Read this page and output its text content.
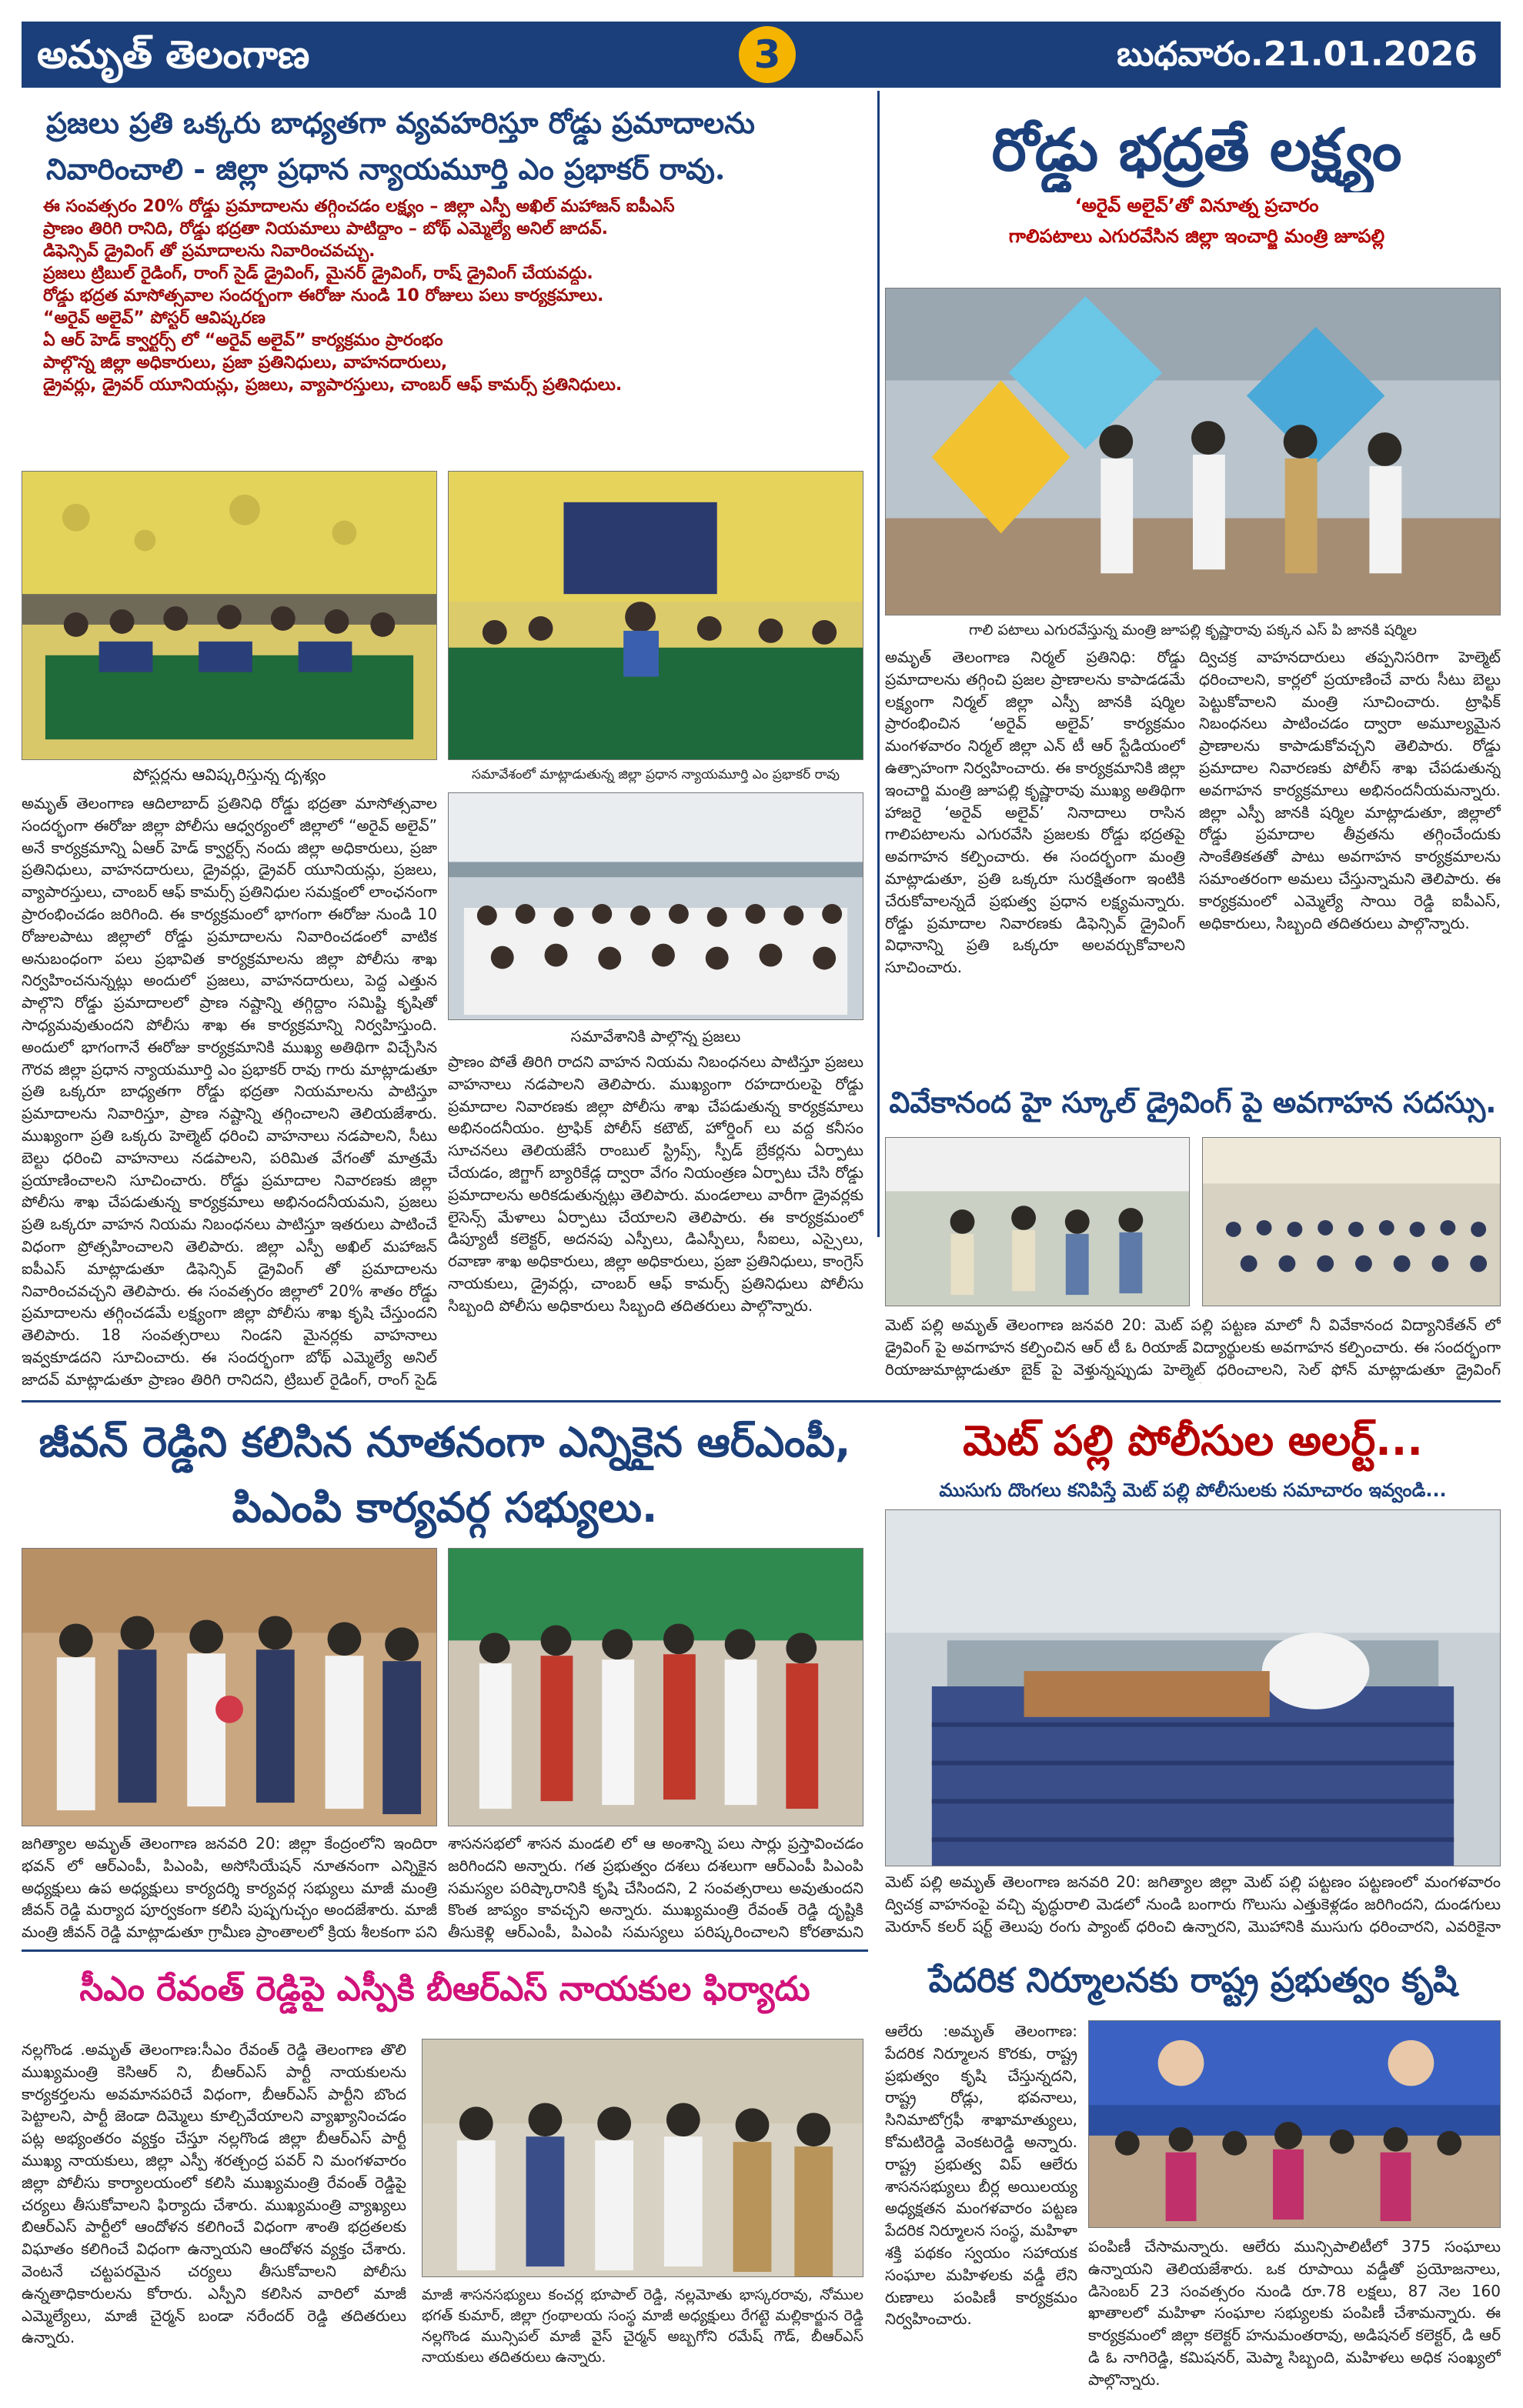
అమృత్ తెలంగాణ	3	బుధవారం.21.01.2026
ప్రజలు ప్రతి ఒక్కరు బాధ్యతగా వ్యవహరిస్తూ రోడ్డు ప్రమాదాలను నివారించాలి - జిల్లా ప్రధాన న్యాయమూర్తి ఎం ప్రభాకర్ రావు.
ఈ సంవత్సరం 20% రోడ్డు ప్రమాదాలను తగ్గించడం లక్ష్యం – జిల్లా ఎస్పీ అఖిల్ మహాజన్ ఐపీఎస్
ప్రాణం తిరిగి రానిది, రోడ్డు భద్రతా నియమాలు పాటిద్దాం – బోథ్ ఎమ్మెల్యే అనిల్ జాదవ్.
డిఫెన్సివ్ డ్రైవింగ్ తో ప్రమాదాలను నివారించవచ్చు.
ప్రజలు ట్రిబుల్ రైడింగ్, రాంగ్ సైడ్ డ్రైవింగ్, మైనర్ డ్రైవింగ్, రాష్ డ్రైవింగ్ చేయవద్దు.
రోడ్డు భద్రత మాసోత్సవాల సందర్భంగా ఈరోజు నుండి 10 రోజులు పలు కార్యక్రమాలు.
“అరైవ్ అలైవ్” పోస్టర్ ఆవిష్కరణ
ఏ ఆర్ హెడ్ క్వార్టర్స్ లో “అరైవ్ అలైవ్” కార్యక్రమం ప్రారంభం
పాల్గొన్న జిల్లా అధికారులు, ప్రజా ప్రతినిధులు, వాహనదారులు,
డ్రైవర్లు, డ్రైవర్ యూనియన్లు, ప్రజలు, వ్యాపారస్తులు, చాంబర్ ఆఫ్ కామర్స్ ప్రతినిధులు.
పోస్టర్లను ఆవిష్కరిస్తున్న దృశ్యం	సమావేశంలో మాట్లాడుతున్న జిల్లా ప్రధాన న్యాయమూర్తి ఎం ప్రభాకర్ రావు
అమృత్ తెలంగాణ ఆదిలాబాద్ ప్రతినిధి రోడ్డు భద్రతా మాసోత్సవాల సందర్భంగా ఈరోజు జిల్లా పోలీసు ఆధ్వర్యంలో జిల్లాలో “అరైవ్ అలైవ్” అనే కార్యక్రమాన్ని ఏఆర్ హెడ్ క్వార్టర్స్ నందు జిల్లా అధికారులు, ప్రజా ప్రతినిధులు, వాహనదారులు, డ్రైవర్లు, డ్రైవర్ యూనియన్లు, ప్రజలు, వ్యాపారస్తులు, చాంబర్ ఆఫ్ కామర్స్ ప్రతినిధుల సమక్షంలో లాంఛనంగా ప్రారంభించడం జరిగింది. ఈ కార్యక్రమంలో భాగంగా ఈరోజు నుండి 10 రోజులపాటు జిల్లాలో రోడ్డు ప్రమాదాలను నివారించడంలో వాటిక అనుబంధంగా పలు ప్రభావిత కార్యక్రమాలను జిల్లా పోలీసు శాఖ నిర్వహించనున్నట్లు అందులో ప్రజలు, వాహనదారులు, పెద్ద ఎత్తున పాల్గొని రోడ్డు ప్రమాదాలలో ప్రాణ నష్టాన్ని తగ్గిద్దాం సమిష్టి కృషితో సాధ్యమవుతుందని పోలీసు శాఖ ఈ కార్యక్రమాన్ని నిర్వహిస్తుంది. అందులో భాగంగానే ఈరోజు కార్యక్రమానికి ముఖ్య అతిథిగా విచ్చేసిన గౌరవ జిల్లా ప్రధాన న్యాయమూర్తి ఎం ప్రభాకర్ రావు గారు మాట్లాడుతూ ప్రతి ఒక్కరూ బాధ్యతగా రోడ్డు భద్రతా నియమాలను పాటిస్తూ ప్రమాదాలను నివారిస్తూ, ప్రాణ నష్టాన్ని తగ్గించాలని తెలియజేశారు. ముఖ్యంగా ప్రతి ఒక్కరు హెల్మెట్ ధరించి వాహనాలు నడపాలని, సీటు బెల్టు ధరించి వాహనాలు నడపాలని, పరిమిత వేగంతో మాత్రమే ప్రయాణించాలని సూచించారు. రోడ్డు ప్రమాదాల నివారణకు జిల్లా పోలీసు శాఖ చేపడుతున్న కార్యక్రమాలు అభినందనీయమని, ప్రజలు ప్రతి ఒక్కరూ వాహన నియమ నిబంధనలు పాటిస్తూ ఇతరులు పాటించే విధంగా ప్రోత్సహించాలని తెలిపారు. జిల్లా ఎస్పీ అఖిల్ మహాజన్ ఐపీఎస్ మాట్లాడుతూ డిఫెన్సివ్ డ్రైవింగ్ తో ప్రమాదాలను నివారించవచ్చని తెలిపారు. ఈ సంవత్సరం జిల్లాలో 20% శాతం రోడ్డు ప్రమాదాలను తగ్గించడమే లక్ష్యంగా జిల్లా పోలీసు శాఖ కృషి చేస్తుందని తెలిపారు. 18 సంవత్సరాలు నిండని మైనర్లకు వాహనాలు ఇవ్వకూడదని సూచించారు. ఈ సందర్భంగా బోథ్ ఎమ్మెల్యే అనిల్ జాదవ్ మాట్లాడుతూ ప్రాణం తిరిగి రానిదని, ట్రిబుల్ రైడింగ్, రాంగ్ సైడ్
సమావేశానికి పాల్గొన్న ప్రజలు
ప్రాణం పోతే తిరిగి రాదని వాహన నియమ నిబంధనలు పాటిస్తూ ప్రజలు వాహనాలు నడపాలని తెలిపారు. ముఖ్యంగా రహదారులపై రోడ్డు ప్రమాదాల నివారణకు జిల్లా పోలీసు శాఖ చేపడుతున్న కార్యక్రమాలు అభినందనీయం. ట్రాఫిక్ పోలీస్ కటౌట్, హోర్డింగ్ లు వద్ద కనీసం సూచనలు తెలియజేసే రాంబుల్ స్ట్రిప్స్, స్పీడ్ బ్రేకర్లను ఏర్పాటు చేయడం, జిగ్జాగ్ బ్యారికేడ్ల ద్వారా వేగం నియంత్రణ ఏర్పాటు చేసి రోడ్డు ప్రమాదాలను అరికడుతున్నట్లు తెలిపారు. మండలాలు వారీగా డ్రైవర్లకు లైసెన్స్ మేళాలు ఏర్పాటు చేయాలని తెలిపారు. ఈ కార్యక్రమంలో డిప్యూటీ కలెక్టర్, అదనపు ఎస్పీలు, డిఎస్పీలు, సీఐలు, ఎస్సైలు, రవాణా శాఖ అధికారులు, జిల్లా అధికారులు, ప్రజా ప్రతినిధులు, కాంగ్రెస్ నాయకులు, డ్రైవర్లు, చాంబర్ ఆఫ్ కామర్స్ ప్రతినిధులు పోలీసు సిబ్బంది పోలీసు అధికారులు సిబ్బంది తదితరులు పాల్గొన్నారు.
రోడ్డు భద్రతే లక్ష్యం
‘అరైవ్ అలైవ్’తో వినూత్న ప్రచారం
గాలిపటాలు ఎగురవేసిన జిల్లా ఇంచార్జి మంత్రి జూపల్లి
గాలి పటాలు ఎగురవేస్తున్న మంత్రి జూపల్లి కృష్ణారావు పక్కన ఎస్ పి జానకి షర్మిల
అమృత్ తెలంగాణ నిర్మల్ ప్రతినిధి: రోడ్డు ప్రమాదాలను తగ్గించి ప్రజల ప్రాణాలను కాపాడడమే లక్ష్యంగా నిర్మల్ జిల్లా ఎస్పీ జానకి షర్మిల ప్రారంభించిన ‘అరైవ్ అలైవ్’ కార్యక్రమం మంగళవారం నిర్మల్ జిల్లా ఎన్ టీ ఆర్ స్టేడియంలో ఉత్సాహంగా నిర్వహించారు. ఈ కార్యక్రమానికి జిల్లా ఇంచార్జి మంత్రి జూపల్లి కృష్ణారావు ముఖ్య అతిథిగా హాజరై ‘అరైవ్ అలైవ్’ నినాదాలు రాసిన గాలిపటాలను ఎగురవేసి ప్రజలకు రోడ్డు భద్రతపై అవగాహన కల్పించారు. ఈ సందర్భంగా మంత్రి మాట్లాడుతూ, ప్రతి ఒక్కరూ సురక్షితంగా ఇంటికి చేరుకోవాలన్నదే ప్రభుత్వ ప్రధాన లక్ష్యమన్నారు. రోడ్డు ప్రమాదాల నివారణకు డిఫెన్సివ్ డ్రైవింగ్ విధానాన్ని ప్రతి ఒక్కరూ అలవర్చుకోవాలని సూచించారు.
ద్విచక్ర వాహనదారులు తప్పనిసరిగా హెల్మెట్ ధరించాలని, కార్లలో ప్రయాణించే వారు సీటు బెల్టు పెట్టుకోవాలని మంత్రి సూచించారు. ట్రాఫిక్ నిబంధనలు పాటించడం ద్వారా అమూల్యమైన ప్రాణాలను కాపాడుకోవచ్చని తెలిపారు. రోడ్డు ప్రమాదాల నివారణకు పోలీస్ శాఖ చేపడుతున్న అవగాహన కార్యక్రమాలు అభినందనీయమన్నారు. జిల్లా ఎస్పీ జానకి షర్మిల మాట్లాడుతూ, జిల్లాలో రోడ్డు ప్రమాదాల తీవ్రతను తగ్గించేందుకు సాంకేతికతతో పాటు అవగాహన కార్యక్రమాలను సమాంతరంగా అమలు చేస్తున్నామని తెలిపారు. ఈ కార్యక్రమంలో ఎమ్మెల్యే సాయి రెడ్డి ఐపీఎస్, అధికారులు, సిబ్బంది తదితరులు పాల్గొన్నారు.
వివేకానంద హై స్కూల్ డ్రైవింగ్ పై అవగాహన సదస్సు.
మెట్ పల్లి అమృత్ తెలంగాణ జనవరి 20: మెట్ పల్లి పట్టణ మాలో నీ వివేకానంద విద్యానికేతన్ లో డ్రైవింగ్ పై అవగాహన కల్పించిన ఆర్ టీ ఓ రియాజ్ విద్యార్థులకు అవగాహన కల్పించారు. ఈ సందర్భంగా రియాజుమాట్లాడుతూ బైక్ పై వెళ్తున్నప్పుడు హెల్మెట్ ధరించాలని, సెల్ ఫోన్ మాట్లాడుతూ డ్రైవింగ్
జీవన్ రెడ్డిని కలిసిన నూతనంగా ఎన్నికైన ఆర్ఎంపీ, పిఎంపి కార్యవర్గ సభ్యులు.
జగిత్యాల అమృత్ తెలంగాణ జనవరి 20: జిల్లా కేంద్రంలోని ఇందిరా భవన్ లో ఆర్ఎంపీ, పిఎంపి, అసోసియేషన్ నూతనంగా ఎన్నికైన అధ్యక్షులు ఉప అధ్యక్షులు కార్యదర్శి కార్యవర్గ సభ్యులు మాజీ మంత్రి జీవన్ రెడ్డి మర్యాద పూర్వకంగా కలిసి పుష్పగుచ్చం అందజేశారు. మాజీ మంత్రి జీవన్ రెడ్డి మాట్లాడుతూ గ్రామీణ ప్రాంతాలలో క్రియ శీలకంగా పని
శాసనసభలో శాసన మండలి లో ఆ అంశాన్ని పలు సార్లు ప్రస్తావించడం జరిగిందని అన్నారు. గత ప్రభుత్వం దశలు దశలుగా ఆర్ఎంపీ పిఎంపి సమస్యల పరిష్కారానికి కృషి చేసిందని, 2 సంవత్సరాలు అవుతుందని కొంత జాప్యం కావచ్చని అన్నారు. ముఖ్యమంత్రి రేవంత్ రెడ్డి దృష్టికి తీసుకెళ్లి ఆర్ఎంపీ, పిఎంపి సమస్యలు పరిష్కరించాలని కోరతామని
మెట్ పల్లి పోలీసుల అలర్ట్...
ముసుగు దొంగలు కనిపిస్తే మెట్ పల్లి పోలీసులకు సమాచారం ఇవ్వండి...
మెట్ పల్లి అమృత్ తెలంగాణ జనవరి 20: జగిత్యాల జిల్లా మెట్ పల్లి పట్టణం పట్టణంలో మంగళవారం ద్విచక్ర వాహనంపై వచ్చి వృద్ధురాలి మెడలో నుండి బంగారు గొలుసు ఎత్తుకెళ్లడం జరిగిందని, దుండగులు మెరూన్ కలర్ షర్ట్ తెలుపు రంగు ప్యాంట్ ధరించి ఉన్నారని, మొహానికి ముసుగు ధరించారని, ఎవరికైనా
సీఎం రేవంత్ రెడ్డిపై ఎస్పీకి బీఆర్ఎస్ నాయకుల ఫిర్యాదు
నల్లగొండ .అమృత్ తెలంగాణ:సీఎం రేవంత్ రెడ్డి తెలంగాణ తొలి ముఖ్యమంత్రి కెసిఆర్ ని, బీఆర్ఎస్ పార్టీ నాయకులను కార్యకర్తలను అవమానపరిచే విధంగా, బీఆర్ఎస్ పార్టీని బొంద పెట్టాలని, పార్టీ జెండా దిమ్మెలు కూల్చివేయాలని వ్యాఖ్యానించడం పట్ల అభ్యంతరం వ్యక్తం చేస్తూ నల్లగొండ జిల్లా బీఆర్ఎస్ పార్టీ ముఖ్య నాయకులు, జిల్లా ఎస్పీ శరత్చంద్ర పవర్ ని మంగళవారం జిల్లా పోలీసు కార్యాలయంలో కలిసి ముఖ్యమంత్రి రేవంత్ రెడ్డిపై చర్యలు తీసుకోవాలని ఫిర్యాదు చేశారు. ముఖ్యమంత్రి వ్యాఖ్యలు బిఆర్ఎస్ పార్టీలో ఆందోళన కలిగించే విధంగా శాంతి భద్రతలకు విఘాతం కలిగించే విధంగా ఉన్నాయని ఆందోళన వ్యక్తం చేశారు. వెంటనే చట్టపరమైన చర్యలు తీసుకోవాలని పోలీసు ఉన్నతాధికారులను కోరారు. ఎస్పీని కలిసిన వారిలో మాజీ ఎమ్మెల్యేలు, మాజీ చైర్మన్ బండా నరేందర్ రెడ్డి తదితరులు ఉన్నారు.
మాజీ శాసనసభ్యులు కంచర్ల భూపాల్ రెడ్డి, నల్లమోతు భాస్కరరావు, నోముల భగత్ కుమార్, జిల్లా గ్రంథాలయ సంస్థ మాజీ అధ్యక్షులు రేగట్టె మల్లికార్జున రెడ్డి నల్లగొండ మున్సిపల్ మాజీ వైస్ చైర్మన్ అబ్బగోని రమేష్ గౌడ్, బీఆర్ఎస్ నాయకులు తదితరులు ఉన్నారు.
పేదరిక నిర్మూలనకు రాష్ట్ర ప్రభుత్వం కృషి
ఆలేరు :అమృత్ తెలంగాణ: పేదరిక నిర్మూలన కొరకు, రాష్ట్ర ప్రభుత్వం కృషి చేస్తున్నదని, రాష్ట్ర రోడ్లు, భవనాలు, సినిమాటోగ్రఫీ శాఖామాత్యులు, కోమటిరెడ్డి వెంకటరెడ్డి అన్నారు. రాష్ట్ర ప్రభుత్వ విప్ ఆలేరు శాసనసభ్యులు బీర్ల అయిలయ్య అధ్యక్షతన మంగళవారం పట్టణ పేదరిక నిర్మూలన సంస్థ, మహిళా శక్తి పథకం స్వయం సహాయక సంఘాల మహిళలకు వడ్డీ లేని రుణాలు పంపిణీ కార్యక్రమం నిర్వహించారు.
పంపిణీ చేసామన్నారు. ఆలేరు మున్సిపాలిటీలో 375 సంఘాలు ఉన్నాయని తెలియజేశారు. ఒక రూపాయి వడ్డీతో ప్రయోజనాలు, డిసెంబర్ 23 సంవత్సరం నుండి రూ.78 లక్షలు, 87 నెల 160 ఖాతాలలో మహిళా సంఘాల సభ్యులకు పంపిణీ చేశామన్నారు. ఈ కార్యక్రమంలో జిల్లా కలెక్టర్ హనుమంతరావు, అడిషనల్ కలెక్టర్, డి ఆర్ డి ఓ నాగిరెడ్డి, కమిషనర్, మెప్మా సిబ్బంది, మహిళలు అధిక సంఖ్యలో పాల్గొన్నారు.
